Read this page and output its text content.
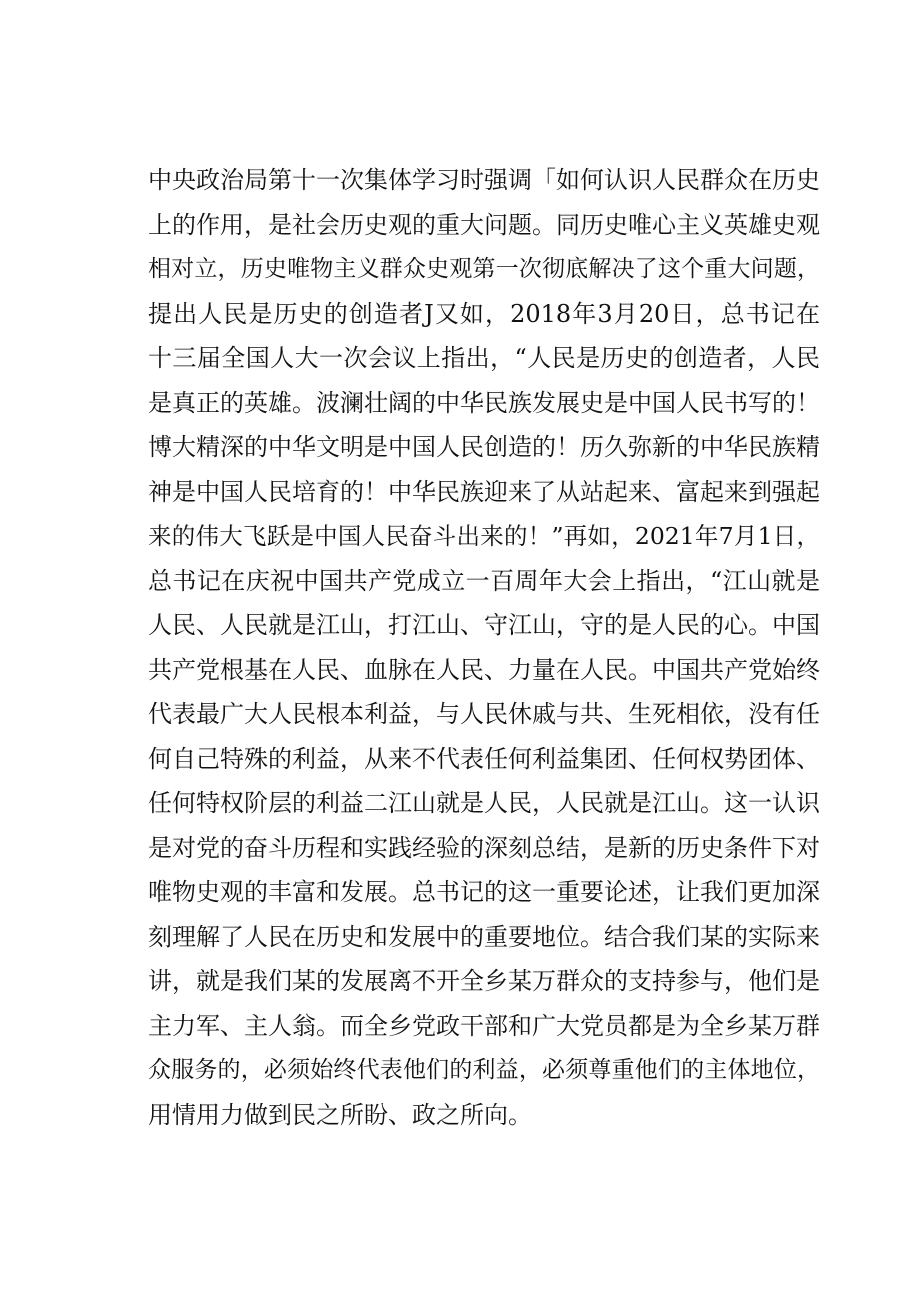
中央政治局第十一次集体学习时强调「如何认识人民群众在历史
上的作用，是社会历史观的重大问题。同历史唯心主义英雄史观
相对立，历史唯物主义群众史观第一次彻底解决了这个重大问题，
提出人民是历史的创造者J又如，2018年3月20日，总书记在
十三届全国人大一次会议上指出，“人民是历史的创造者，人民
是真正的英雄。波澜壮阔的中华民族发展史是中国人民书写的！
博大精深的中华文明是中国人民创造的！历久弥新的中华民族精
神是中国人民培育的！中华民族迎来了从站起来、富起来到强起
来的伟大飞跃是中国人民奋斗出来的！”再如，2021年7月1日，
总书记在庆祝中国共产党成立一百周年大会上指出，“江山就是
人民、人民就是江山，打江山、守江山，守的是人民的心。中国
共产党根基在人民、血脉在人民、力量在人民。中国共产党始终
代表最广大人民根本利益，与人民休戚与共、生死相依，没有任
何自己特殊的利益，从来不代表任何利益集团、任何权势团体、
任何特权阶层的利益二江山就是人民，人民就是江山。这一认识
是对党的奋斗历程和实践经验的深刻总结，是新的历史条件下对
唯物史观的丰富和发展。总书记的这一重要论述，让我们更加深
刻理解了人民在历史和发展中的重要地位。结合我们某的实际来
讲，就是我们某的发展离不开全乡某万群众的支持参与，他们是
主力军、主人翁。而全乡党政干部和广大党员都是为全乡某万群
众服务的，必须始终代表他们的利益，必须尊重他们的主体地位，
用情用力做到民之所盼、政之所向。
